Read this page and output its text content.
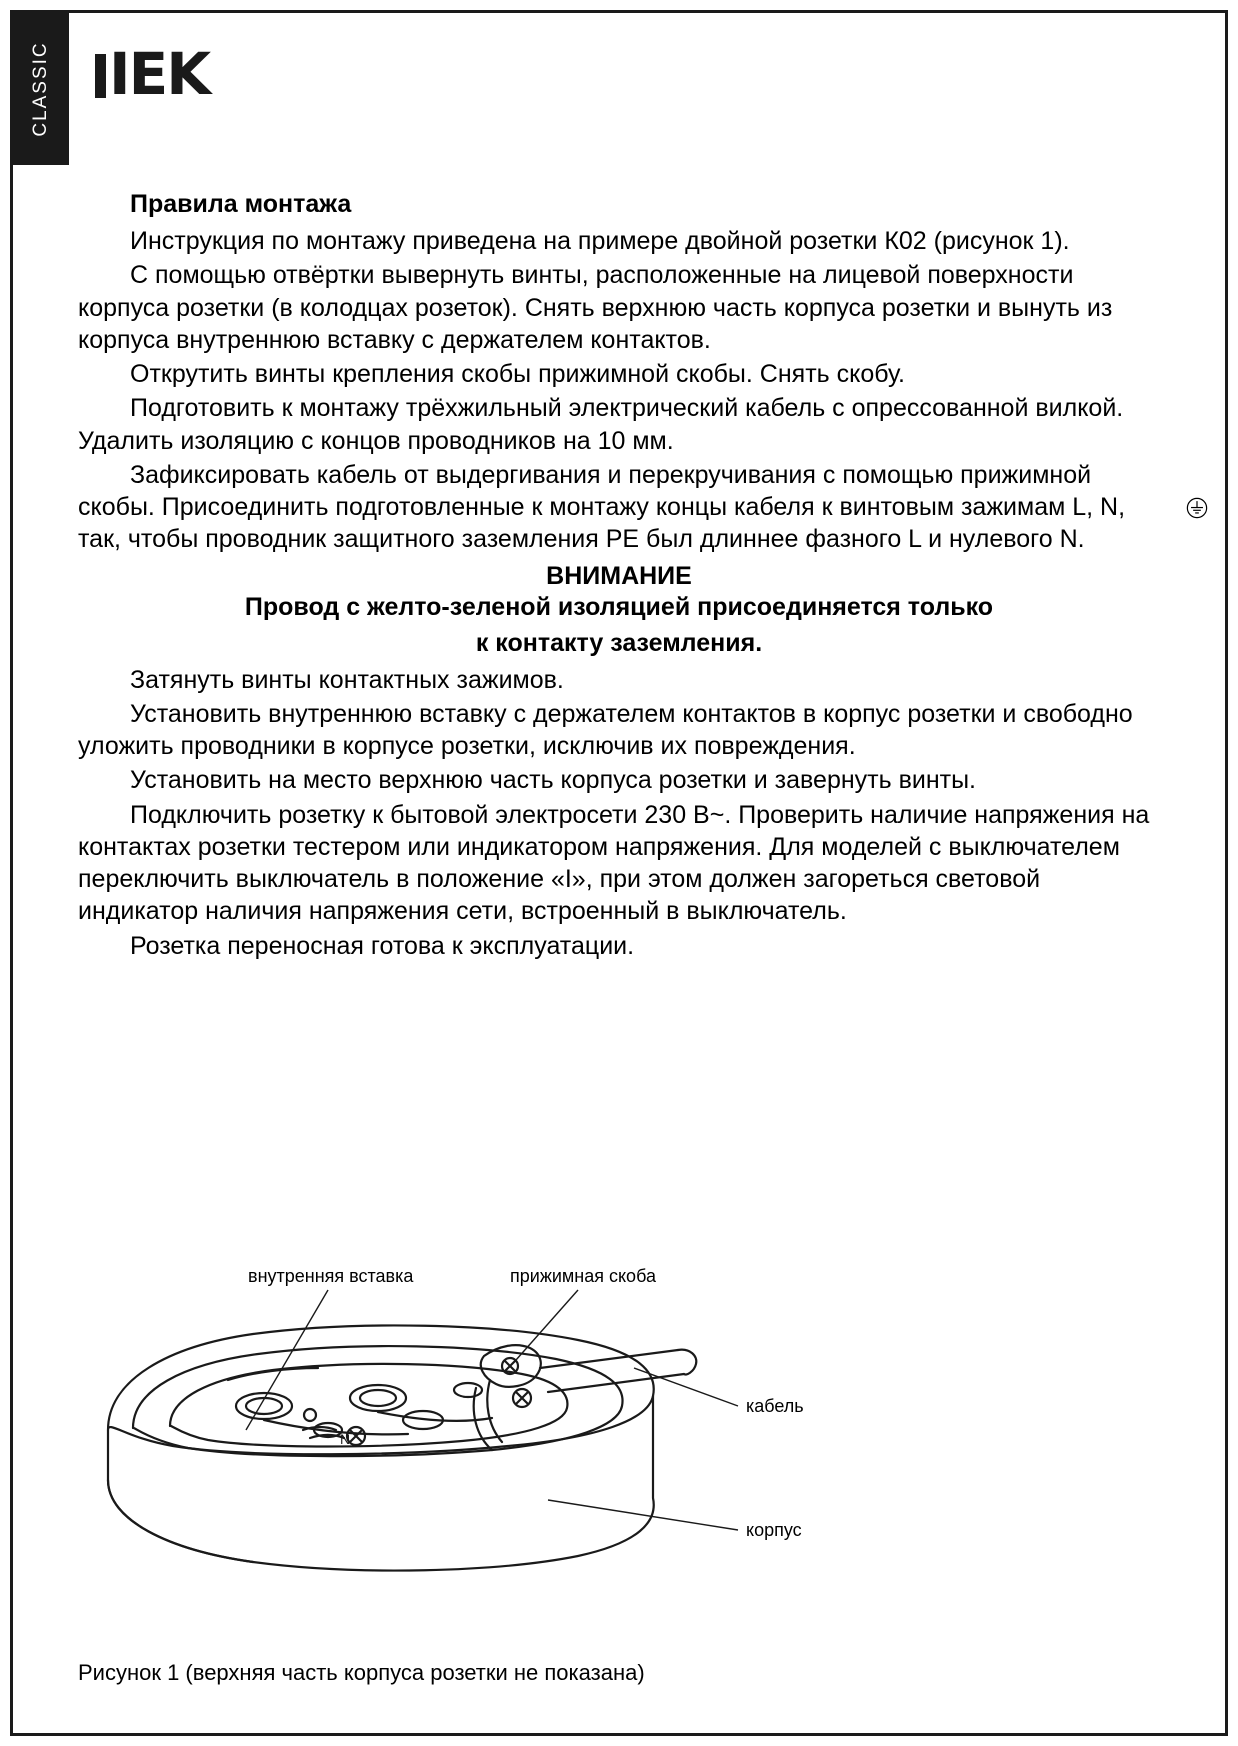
CLASSIC IEK
Правила монтажа

Инструкция по монтажу приведена на примере двойной розетки К02 (рисунок 1).

С помощью отвёртки вывернуть винты, расположенные на лицевой поверхности корпуса розетки (в колодцах розеток). Снять верхнюю часть корпуса розетки и вынуть из корпуса внутреннюю вставку с держателем контактов.

Открутить винты крепления скобы прижимной скобы. Снять скобу.

Подготовить к монтажу трёхжильный электрический кабель с опрессованной вилкой. Удалить изоляцию с концов проводников на 10 мм.

Зафиксировать кабель от выдергивания и перекручивания с помощью прижимной скобы. Присоединить подготовленные к монтажу концы кабеля к винтовым зажимам L, N,  так, чтобы проводник защитного заземления PE был длиннее фазного L и нулевого N.

ВНИМАНИЕ

Провод с желто-зеленой изоляцией присоединяется только

к контакту заземления.

Затянуть винты контактных зажимов.

Установить внутреннюю вставку с держателем контактов в корпус розетки и свободно уложить проводники в корпусе розетки, исключив их повреждения.

Установить на место верхнюю часть корпуса розетки и завернуть винты.

Подключить розетку к бытовой электросети 230 В~. Проверить наличие напряжения на контактах розетки тестером или индикатором напряжения. Для моделей с выключателем переключить выключатель в положение «I», при этом должен загореться световой индикатор наличия напряжения сети, встроенный в выключатель.

Розетка переносная готова к эксплуатации.

N
внутренняя вставка	прижимная скоба
кабель
корпус
Рисунок 1 (верхняя часть корпуса розетки не показана)
